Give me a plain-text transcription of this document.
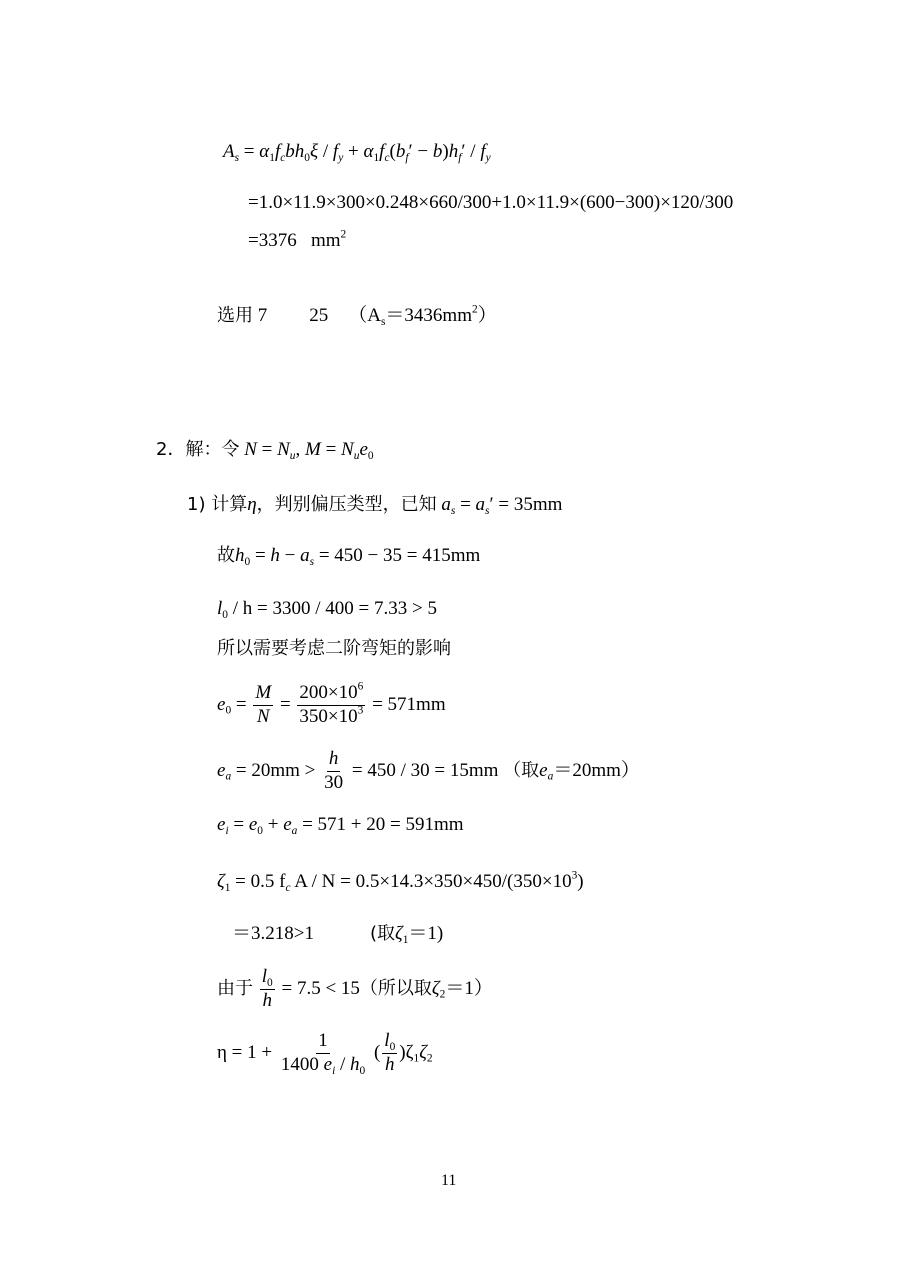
$A_s = \alpha_1f_cbh_0\xi / f_y + \alpha_1f_c(b_f' - b)h_f' / f_y$
=1.0×11.9×300×0.248×660/300+1.0×11.9×(600−300)×120/300
=3376 $mm^2$
选用 7 25 $(A_s=3436mm^2)$
2．解：令 $N = N_u$, $M = N_ue_0$
1) 计算η，判别偏压类型，已知 $a_s = a_s' = 35mm$
故$h_0 = h - a_s = 450 - 35 = 415mm$
$l_0 / h = 3300 / 400 = 7.33 > 5$
所以需要考虑二阶弯矩的影响
$e_0 = \frac{M}{N} = \frac{200\times 10^6}{350\times 10^3} = 571mm$
$e_a = 20mm > \frac{h}{30} = 450 / 30 = 15mm$ （取$e_a=20mm$）
$e_i = e_0 + e_a = 571 + 20 = 591mm$
$\zeta_1 = 0.5$ $f_c$ $A / N = 0.5\times 14.3\times 350\times 450/(350\times 10^3)$
＝3.218>1	(取$\zeta_1=1$)
由于 $\frac{l_0}{h} = 7.5 < 15$（所以取$\zeta_2=1$）
$\eta = 1 + \frac{1}{1400 e_i / h_0}$ ( $\frac{l_0}{h} )\zeta_1\zeta_2$
11
